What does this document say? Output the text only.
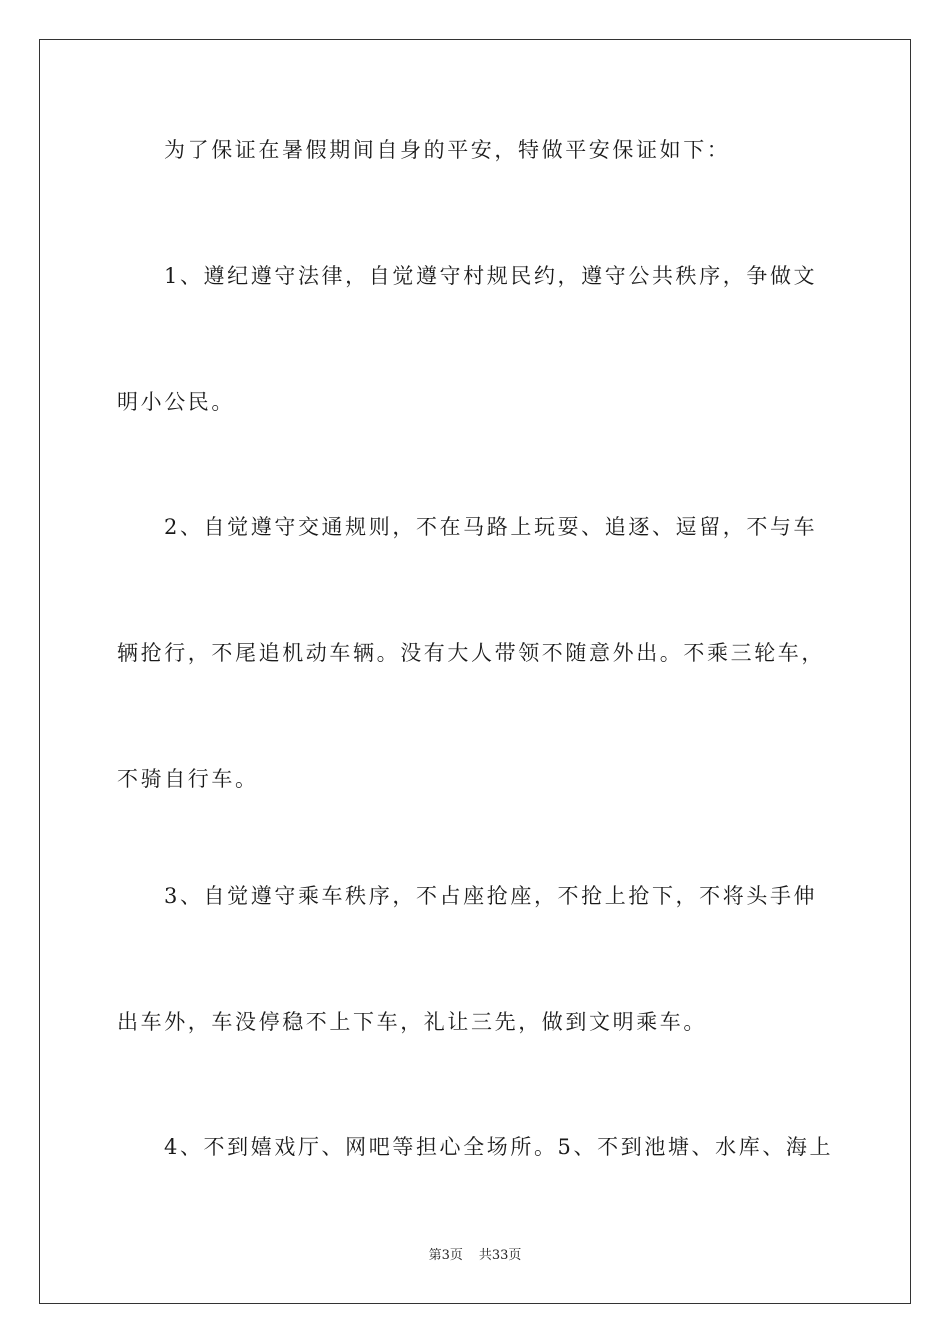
为了保证在暑假期间自身的平安，特做平安保证如下：
1、遵纪遵守法律，自觉遵守村规民约，遵守公共秩序，争做文
明小公民。
2、自觉遵守交通规则，不在马路上玩耍、追逐、逗留，不与车
辆抢行，不尾追机动车辆。没有大人带领不随意外出。不乘三轮车，
不骑自行车。
3、自觉遵守乘车秩序，不占座抢座，不抢上抢下，不将头手伸
出车外，车没停稳不上下车，礼让三先，做到文明乘车。
4、不到嬉戏厅、网吧等担心全场所。5、不到池塘、水库、海上
第3页 共33页
